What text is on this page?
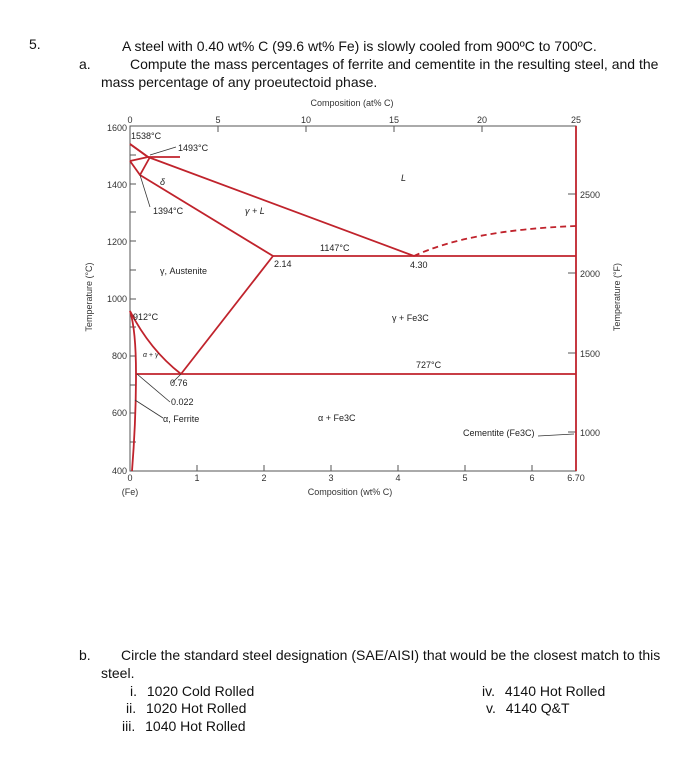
5.	A steel with 0.40 wt% C (99.6 wt% Fe) is slowly cooled from 900ºC to 700ºC.
a.	Compute the mass percentages of ferrite and cementite in the resulting steel, and the
mass percentage of any proeutectoid phase.
Composition (at% C)
0	5	10	15	20	25
1600
1400
1200
1000
800
600
400
2500
2000
1500
1000
0	1	2	3	4	5	6	6.70
(Fe)	Composition (wt% C)
Temperature (°C)	Temperature (°F)
1538°C
1493°C
δ
1394°C	γ + L
L
1147°C
2.14	4.30
γ, Austenite
912°C	γ + Fe3C
α + γ
727°C
0.76
0.022
α, Ferrite	α + Fe3C
Cementite (Fe3C)
b. Circle the standard steel designation (SAE/AISI) that would be the closest match to this
steel.
i. 1020 Cold Rolled
ii. 1020 Hot Rolled
iii. 1040 Hot Rolled
iv. 4140 Hot Rolled
v. 4140 Q&T
